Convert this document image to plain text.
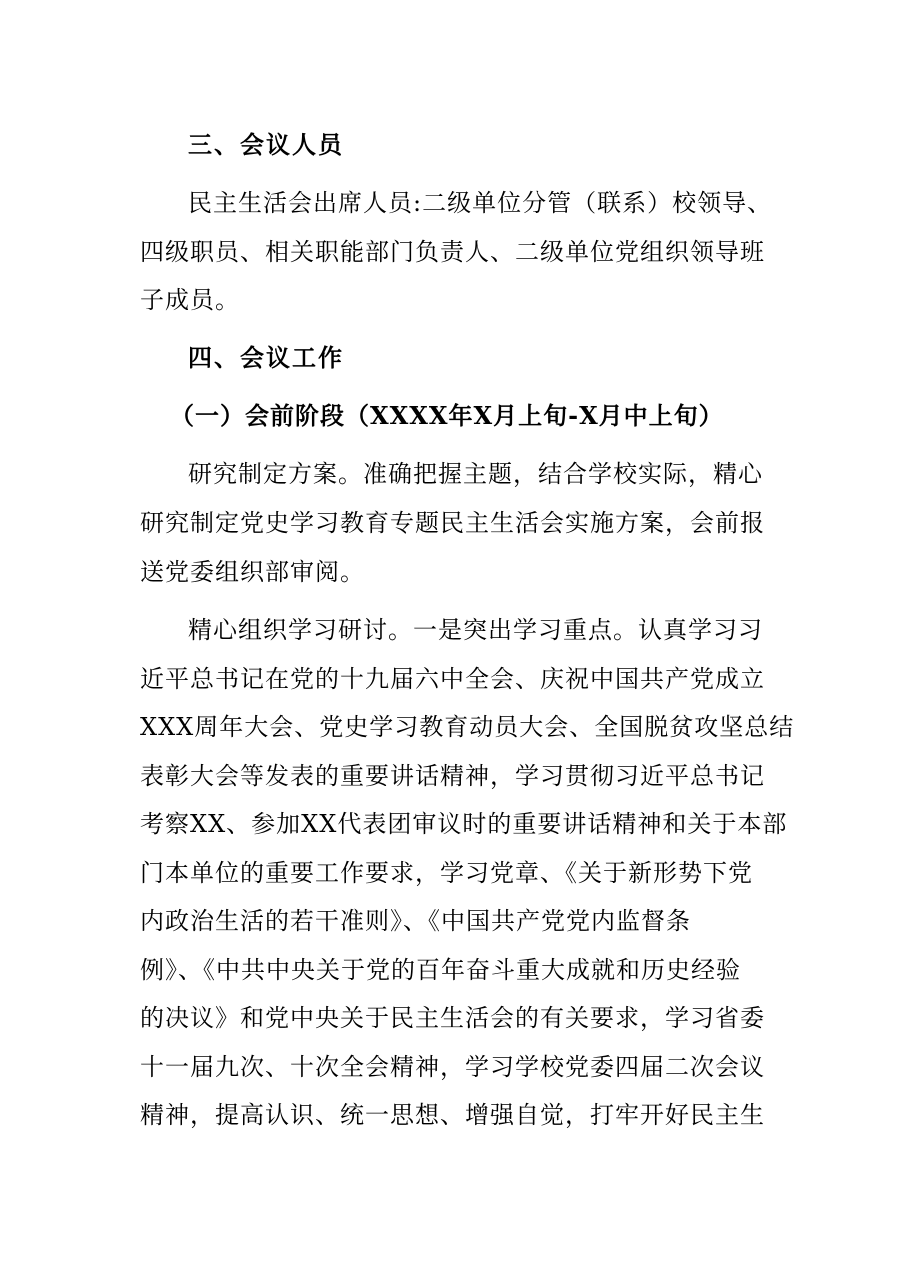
三、会议人员
民主生活会出席人员:二级单位分管（联系）校领导、
四级职员、相关职能部门负责人、二级单位党组织领导班
子成员。
四、会议工作
（一）会前阶段（XXXX年X月上旬-X月中上旬）
研究制定方案。准确把握主题，结合学校实际，精心
研究制定党史学习教育专题民主生活会实施方案，会前报
送党委组织部审阅。
精心组织学习研讨。一是突出学习重点。认真学习习
近平总书记在党的十九届六中全会、庆祝中国共产党成立
XXX周年大会、党史学习教育动员大会、全国脱贫攻坚总结
表彰大会等发表的重要讲话精神，学习贯彻习近平总书记
考察XX、参加XX代表团审议时的重要讲话精神和关于本部
门本单位的重要工作要求，学习党章、《关于新形势下党
内政治生活的若干准则》、《中国共产党党内监督条
例》、《中共中央关于党的百年奋斗重大成就和历史经验
的决议》和党中央关于民主生活会的有关要求，学习省委
十一届九次、十次全会精神，学习学校党委四届二次会议
精神，提高认识、统一思想、增强自觉，打牢开好民主生
